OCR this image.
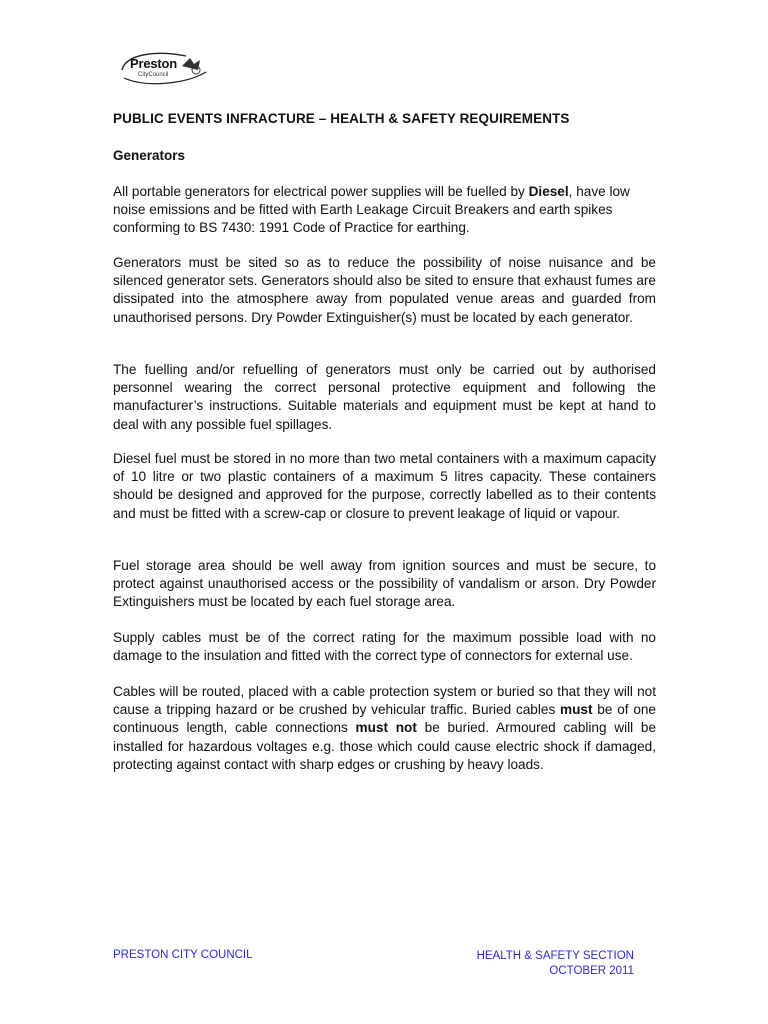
Preston
CityCouncil
PUBLIC EVENTS INFRACTURE – HEALTH & SAFETY REQUIREMENTS
Generators
All portable generators for electrical power supplies will be fuelled by Diesel, have low noise emissions and be fitted with Earth Leakage Circuit Breakers and earth spikes conforming to BS 7430: 1991 Code of Practice for earthing.
Generators must be sited so as to reduce the possibility of noise nuisance and be silenced generator sets. Generators should also be sited to ensure that exhaust fumes are dissipated into the atmosphere away from populated venue areas and guarded from unauthorised persons. Dry Powder Extinguisher(s) must be located by each generator.
The fuelling and/or refuelling of generators must only be carried out by authorised personnel wearing the correct personal protective equipment and following the manufacturer’s instructions. Suitable materials and equipment must be kept at hand to deal with any possible fuel spillages.
Diesel fuel must be stored in no more than two metal containers with a maximum capacity of 10 litre or two plastic containers of a maximum 5 litres capacity. These containers should be designed and approved for the purpose, correctly labelled as to their contents and must be fitted with a screw-cap or closure to prevent leakage of liquid or vapour.
Fuel storage area should be well away from ignition sources and must be secure, to protect against unauthorised access or the possibility of vandalism or arson. Dry Powder Extinguishers must be located by each fuel storage area.
Supply cables must be of the correct rating for the maximum possible load with no damage to the insulation and fitted with the correct type of connectors for external use.
Cables will be routed, placed with a cable protection system or buried so that they will not cause a tripping hazard or be crushed by vehicular traffic. Buried cables must be of one continuous length, cable connections must not be buried. Armoured cabling will be installed for hazardous voltages e.g. those which could cause electric shock if damaged, protecting against contact with sharp edges or crushing by heavy loads.
PRESTON CITY COUNCIL	HEALTH & SAFETY SECTION
OCTOBER 2011
